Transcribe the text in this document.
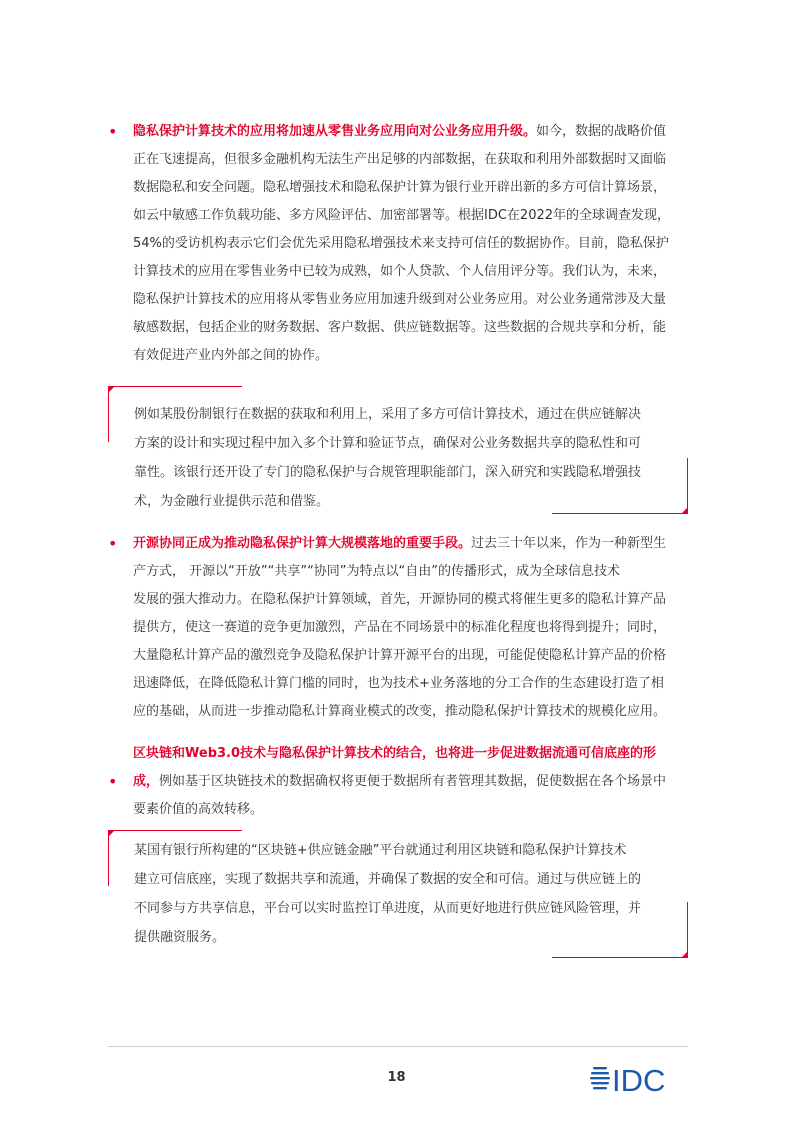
• 隐私保护计算技术的应用将加速从零售业务应用向对公业务应用升级。如今，数据的战略价值
正在飞速提高，但很多金融机构无法生产出足够的内部数据，在获取和利用外部数据时又面临
数据隐私和安全问题。隐私增强技术和隐私保护计算为银行业开辟出新的多方可信计算场景，
如云中敏感工作负载功能、多方风险评估、加密部署等。根据IDC在2022年的全球调查发现，
54%的受访机构表示它们会优先采用隐私增强技术来支持可信任的数据协作。目前，隐私保护
计算技术的应用在零售业务中已较为成熟，如个人贷款、个人信用评分等。我们认为，未来，
隐私保护计算技术的应用将从零售业务应用加速升级到对公业务应用。对公业务通常涉及大量
敏感数据，包括企业的财务数据、客户数据、供应链数据等。这些数据的合规共享和分析，能
有效促进产业内外部之间的协作。
例如某股份制银行在数据的获取和利用上，采用了多方可信计算技术，通过在供应链解决
方案的设计和实现过程中加入多个计算和验证节点，确保对公业务数据共享的隐私性和可
靠性。该银行还开设了专门的隐私保护与合规管理职能部门，深入研究和实践隐私增强技
术，为金融行业提供示范和借鉴。
• 开源协同正成为推动隐私保护计算大规模落地的重要手段。过去三十年以来，作为一种新型生
产方式， 开源以“开放”“共享”“协同”为特点以“自由”的传播形式，成为全球信息技术
发展的强大推动力。在隐私保护计算领域，首先，开源协同的模式将催生更多的隐私计算产品
提供方，使这一赛道的竞争更加激烈，产品在不同场景中的标准化程度也将得到提升；同时，
大量隐私计算产品的激烈竞争及隐私保护计算开源平台的出现，可能促使隐私计算产品的价格
迅速降低，在降低隐私计算门槛的同时，也为技术+业务落地的分工合作的生态建设打造了相
应的基础，从而进一步推动隐私计算商业模式的改变，推动隐私保护计算技术的规模化应用。
•
区块链和Web3.0技术与隐私保护计算技术的结合，也将进一步促进数据流通可信底座的形
成，例如基于区块链技术的数据确权将更便于数据所有者管理其数据，促使数据在各个场景中
要素价值的高效转移。
某国有银行所构建的“区块链+供应链金融”平台就通过利用区块链和隐私保护计算技术
建立可信底座，实现了数据共享和流通，并确保了数据的安全和可信。通过与供应链上的
不同参与方共享信息，平台可以实时监控订单进度，从而更好地进行供应链风险管理，并
提供融资服务。
18	IDC
